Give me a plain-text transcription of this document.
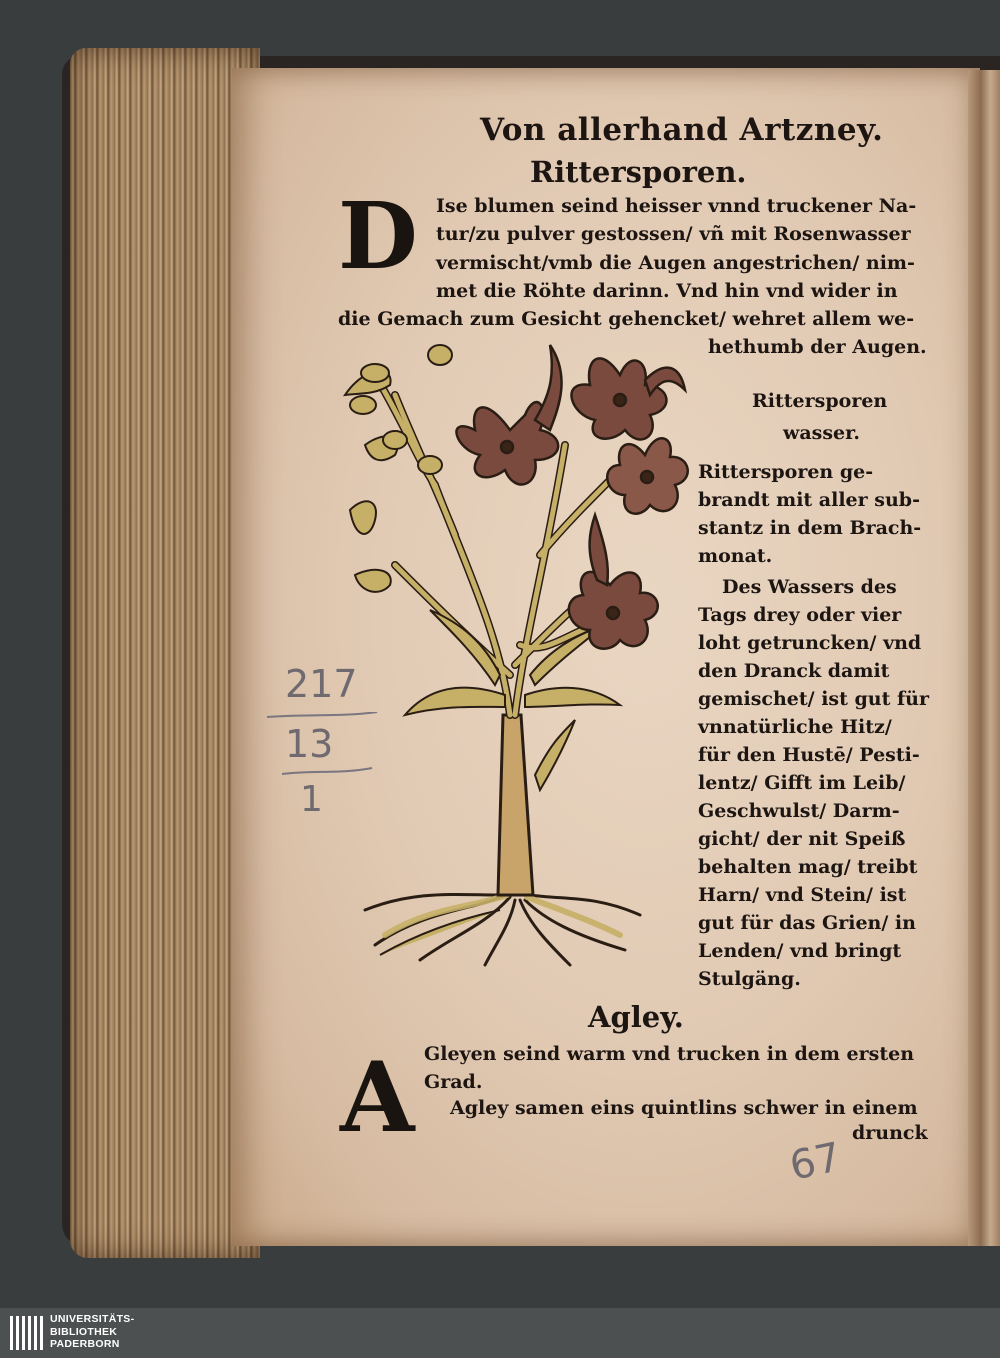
Von allerhand Artzney.
Rittersporen.
D Ise blumen seind heisser vnnd truckener Na-
tur/zu pulver gestossen/ vñ mit Rosenwasser
vermischt/vmb die Augen angestrichen/ nim-
met die Röhte darinn. Vnd hin vnd wider in
die Gemach zum Gesicht gehencket/ wehret allem we-
hethumb der Augen.
Rittersporen
wasser.
Rittersporen ge-
brandt mit aller sub-
stantz in dem Brach-
monat.
Des Wassers des
Tags drey oder vier
loht getruncken/ vnd
den Dranck damit
gemischet/ ist gut für
vnnatürliche Hitz/
für den Hustē/ Pesti-
lentz/ Gifft im Leib/
Geschwulst/ Darm-
gicht/ der nit Speiß
behalten mag/ treibt
Harn/ vnd Stein/ ist
gut für das Grien/ in
Lenden/ vnd bringt
Stulgäng.
Agley.
A Gleyen seind warm vnd trucken in dem ersten
Grad.
Agley samen eins quintlins schwer in einem
drunck
217
13
1
67
UNIVERSITÄTS-
BIBLIOTHEK
PADERBORN
